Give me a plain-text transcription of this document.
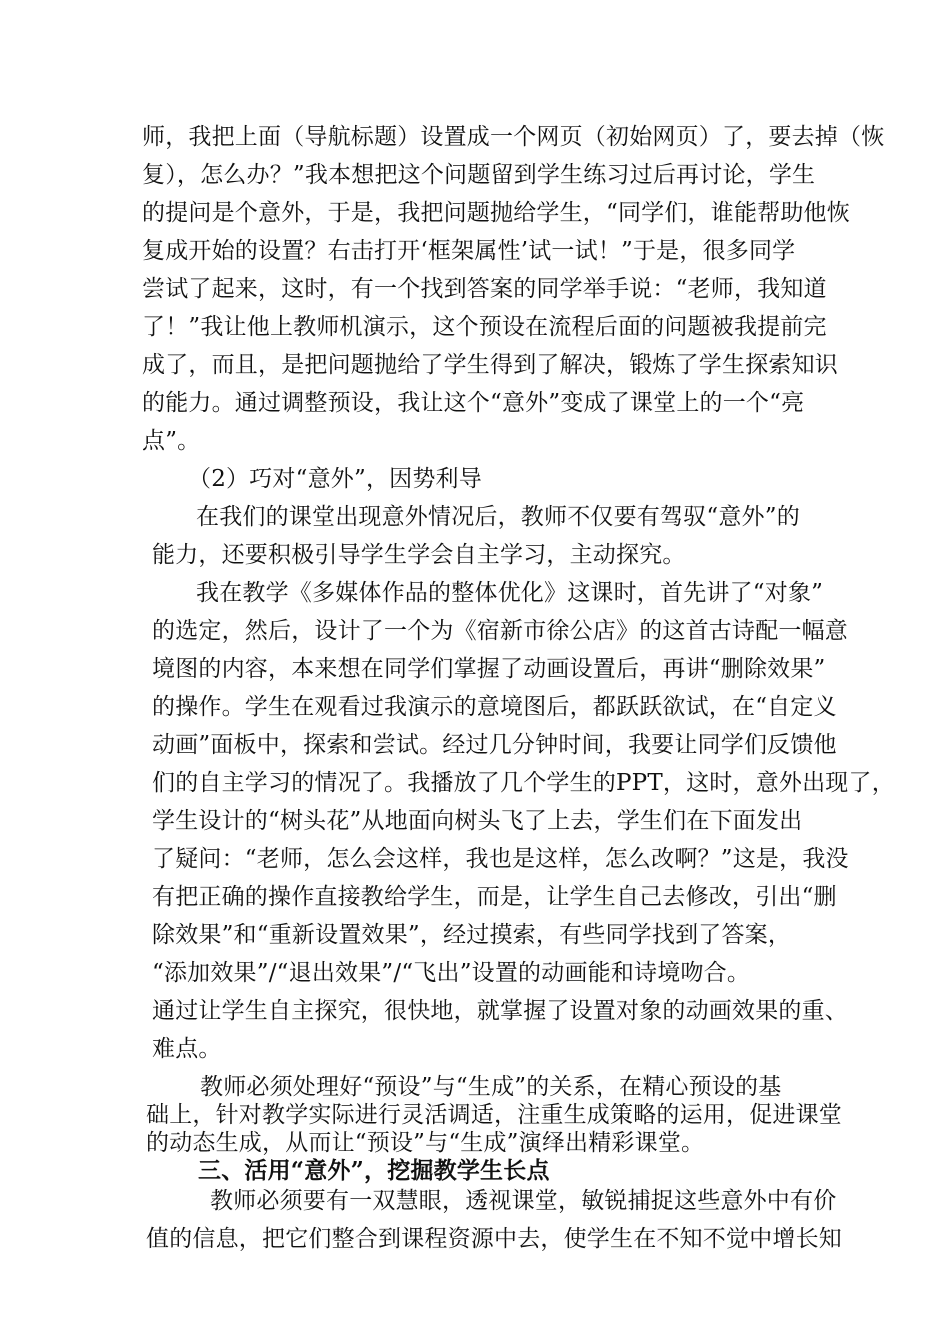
师，我把上面（导航标题）设置成一个网页（初始网页）了，要去掉（恢
复），怎么办？”我本想把这个问题留到学生练习过后再讨论，学生
的提问是个意外，于是，我把问题抛给学生，“同学们，谁能帮助他恢
复成开始的设置？右击打开‘框架属性’试一试！”于是，很多同学
尝试了起来，这时，有一个找到答案的同学举手说：“老师，我知道
了！”我让他上教师机演示，这个预设在流程后面的问题被我提前完
成了，而且，是把问题抛给了学生得到了解决，锻炼了学生探索知识
的能力。通过调整预设，我让这个“意外”变成了课堂上的一个“亮
点”。
（2）巧对“意外”，因势利导
在我们的课堂出现意外情况后，教师不仅要有驾驭“意外”的
能力，还要积极引导学生学会自主学习，主动探究。
我在教学《多媒体作品的整体优化》这课时，首先讲了“对象”
的选定，然后，设计了一个为《宿新市徐公店》的这首古诗配一幅意
境图的内容，本来想在同学们掌握了动画设置后，再讲“删除效果”
的操作。学生在观看过我演示的意境图后，都跃跃欲试，在“自定义
动画”面板中，探索和尝试。经过几分钟时间，我要让同学们反馈他
们的自主学习的情况了。我播放了几个学生的PPT，这时，意外出现了，
学生设计的“树头花”从地面向树头飞了上去，学生们在下面发出
了疑问：“老师，怎么会这样，我也是这样，怎么改啊？”这是，我没
有把正确的操作直接教给学生，而是，让学生自己去修改，引出“删
除效果”和“重新设置效果”，经过摸索，有些同学找到了答案，
“添加效果”/“退出效果”/“飞出”设置的动画能和诗境吻合。
通过让学生自主探究，很快地，就掌握了设置对象的动画效果的重、
难点。
教师必须处理好“预设”与“生成”的关系，在精心预设的基
础上，针对教学实际进行灵活调适，注重生成策略的运用，促进课堂
的动态生成，从而让“预设”与“生成”演绎出精彩课堂。
三、活用“意外”，挖掘教学生长点
教师必须要有一双慧眼，透视课堂，敏锐捕捉这些意外中有价
值的信息，把它们整合到课程资源中去，使学生在不知不觉中增长知
